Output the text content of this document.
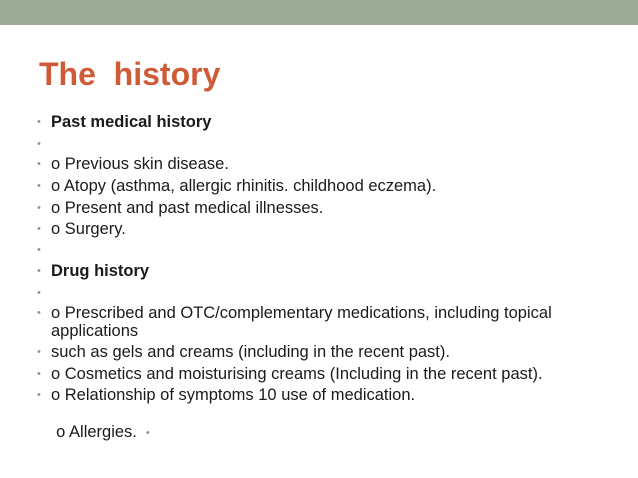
The  history
• Past medical history
•
• o Previous skin disease.
• o Atopy (asthma, allergic rhinitis. childhood eczema).
• o Present and past medical illnesses.
• o Surgery.
•
• Drug history
•
• o Prescribed and OTC/complementary medications, including topical applications
• such as gels and creams (including in the recent past).
• o Cosmetics and moisturising creams (Including in the recent past).
• o Relationship of symptoms 10 use of medication.

o Allergies. •
